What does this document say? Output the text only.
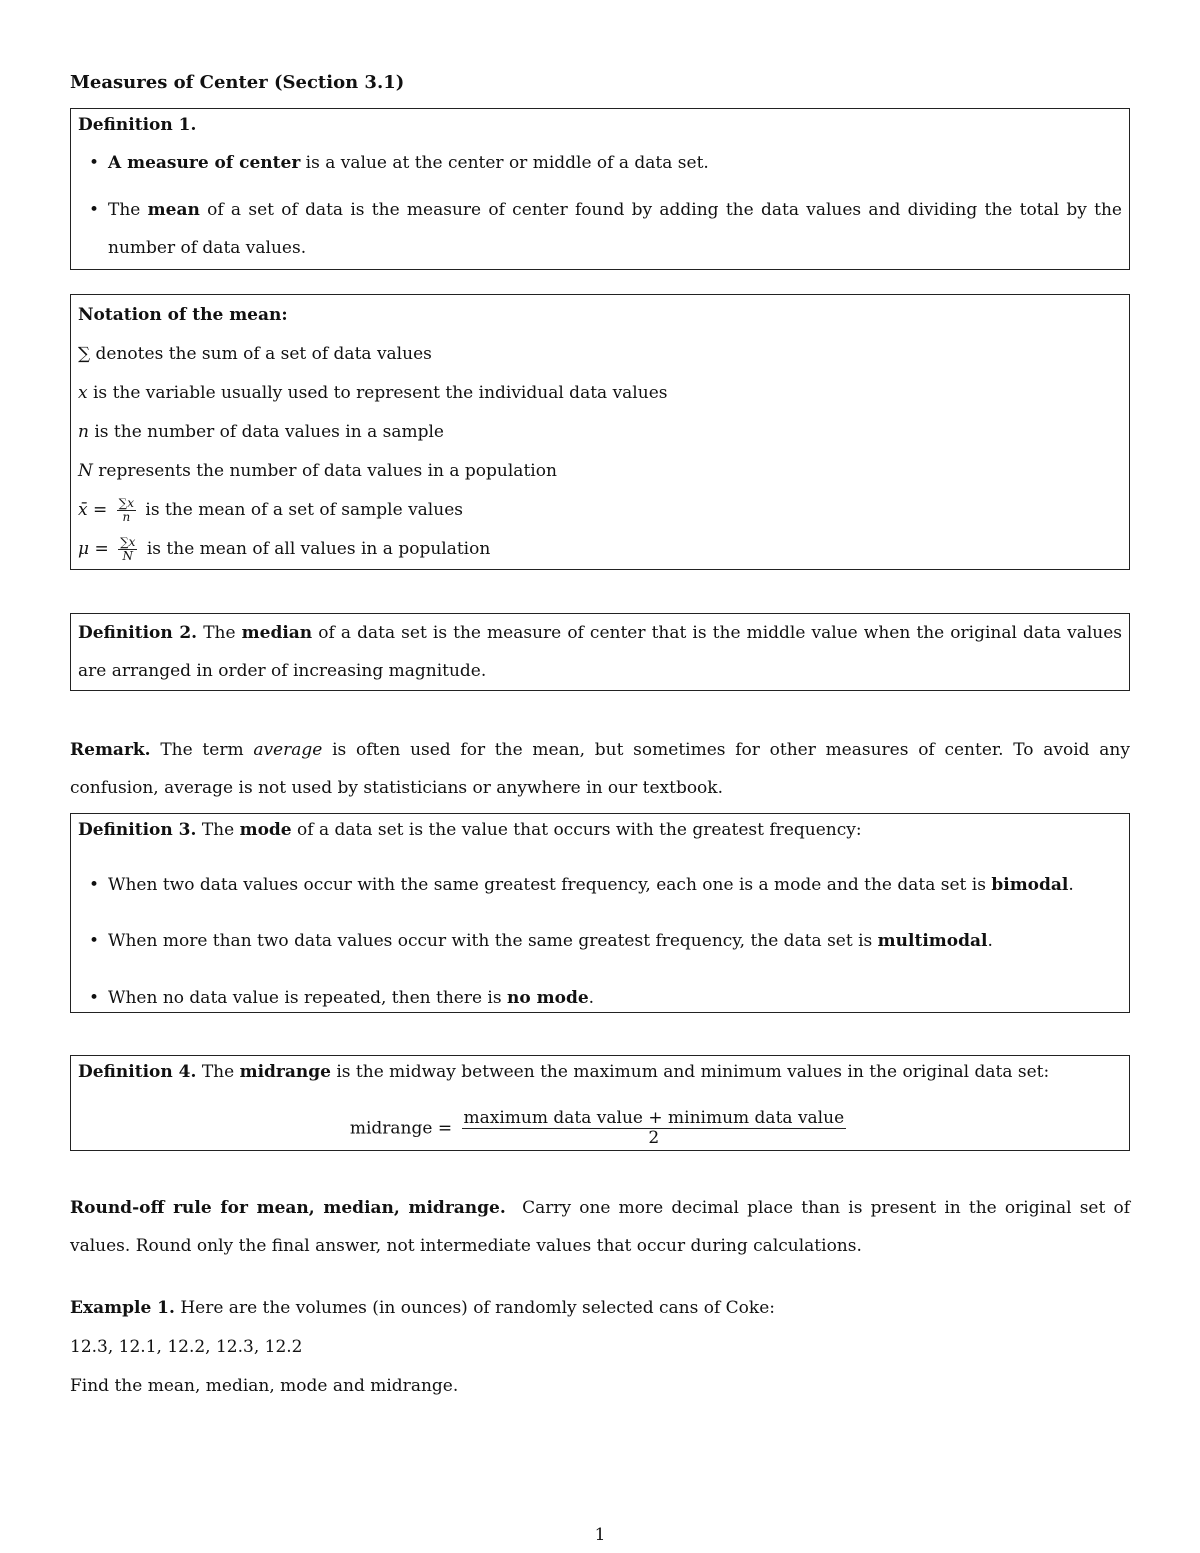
Measures of Center (Section 3.1)
Definition 1.
• A measure of center is a value at the center or middle of a data set.
• The mean of a set of data is the measure of center found by adding the data values and dividing the total by the number of data values.
Notation of the mean:
∑ denotes the sum of a set of data values
x is the variable usually used to represent the individual data values
n is the number of data values in a sample
N represents the number of data values in a population
x̄ = $\frac{\sum x}{n}$ is the mean of a set of sample values
$\mu = \frac{\sum x}{N}$ is the mean of all values in a population
Definition 2. The median of a data set is the measure of center that is the middle value when the original data values are arranged in order of increasing magnitude.
Remark. The term average is often used for the mean, but sometimes for other measures of center. To avoid any confusion, average is not used by statisticians or anywhere in our textbook.
Definition 3. The mode of a data set is the value that occurs with the greatest frequency:
• When two data values occur with the same greatest frequency, each one is a mode and the data set is bimodal.
• When more than two data values occur with the same greatest frequency, the data set is multimodal.
• When no data value is repeated, then there is no mode.
Definition 4. The midrange is the midway between the maximum and minimum values in the original data set:
midrange = $\frac{\text{maximum data value + minimum data value}}{2}$
Round-off rule for mean, median, midrange.  Carry one more decimal place than is present in the original set of values. Round only the final answer, not intermediate values that occur during calculations.
Example 1. Here are the volumes (in ounces) of randomly selected cans of Coke:
12.3, 12.1, 12.2, 12.3, 12.2
Find the mean, median, mode and midrange.
1
